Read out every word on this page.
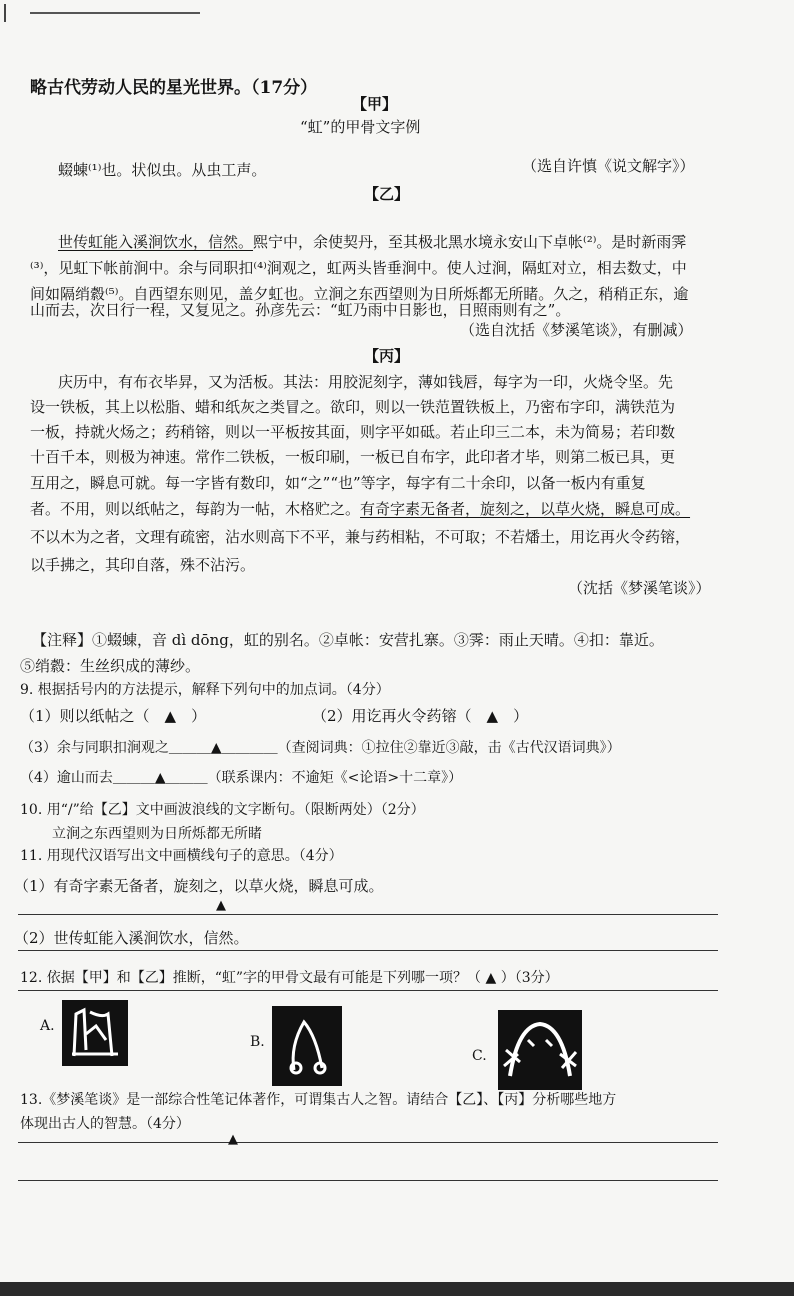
略古代劳动人民的星光世界。（17分）
【甲】
“虹”的甲骨文字例
蝃蝀⁽¹⁾也。状似虫。从虫工声。	（选自许慎《说文解字》）
【乙】
世传虹能入溪涧饮水，信然。熙宁中，余使契丹，至其极北黑水境永安山下卓帐⁽²⁾。是时新雨霁
⁽³⁾，见虹下帐前涧中。余与同职扣⁽⁴⁾涧观之，虹两头皆垂涧中。使人过涧，隔虹对立，相去数丈，中
间如隔绡縠⁽⁵⁾。自西望东则见，盖夕虹也。立涧之东西望则为日所烁都无所睹。久之，稍稍正东，逾
山而去，次日行一程，又复见之。孙彦先云：“虹乃雨中日影也，日照雨则有之”。
（选自沈括《梦溪笔谈》，有删减）
【丙】
庆历中，有布衣毕昇，又为活板。其法：用胶泥刻字，薄如钱唇，每字为一印，火烧令坚。先
设一铁板，其上以松脂、蜡和纸灰之类冒之。欲印，则以一铁范置铁板上，乃密布字印，满铁范为
一板，持就火炀之；药稍镕，则以一平板按其面，则字平如砥。若止印三二本，未为简易；若印数
十百千本，则极为神速。常作二铁板，一板印刷，一板已自布字，此印者才毕，则第二板已具，更
互用之，瞬息可就。每一字皆有数印，如“之”“也”等字，每字有二十余印，以备一板内有重复
者。不用，则以纸帖之，每韵为一帖，木格贮之。有奇字素无备者，旋刻之，以草火烧，瞬息可成。
不以木为之者，文理有疏密，沾水则高下不平，兼与药相粘，不可取；不若燔土，用讫再火令药镕，
以手拂之，其印自落，殊不沾污。
（沈括《梦溪笔谈》）
【注释】①蝃蝀，音 dì dōng，虹的别名。②卓帐：安营扎寨。③霁：雨止天晴。④扣：靠近。
⑤绡縠：生丝织成的薄纱。
9. 根据括号内的方法提示，解释下列句中的加点词。（4分）
（1）则以纸帖之（　▲　）	（2）用讫再火令药镕（　▲　）
（3）余与同职扣涧观之＿＿＿▲＿＿＿＿（查阅词典：①拉住②靠近③敲，击《古代汉语词典》）
（4）逾山而去＿＿＿▲＿＿＿（联系课内：不逾矩《<论语>十二章》）
10. 用“/”给【乙】文中画波浪线的文字断句。（限断两处）（2分）
立涧之东西望则为日所烁都无所睹
11. 用现代汉语写出文中画横线句子的意思。（4分）
（1）有奇字素无备者，旋刻之，以草火烧，瞬息可成。
▲
（2）世传虹能入溪涧饮水，信然。
12. 依据【甲】和【乙】推断，“虹”字的甲骨文最有可能是下列哪一项？（ ▲ ）（3分）
A.
B.
C.
13.《梦溪笔谈》是一部综合性笔记体著作，可谓集古人之智。请结合【乙】、【丙】分析哪些地方
体现出古人的智慧。（4分）
▲
